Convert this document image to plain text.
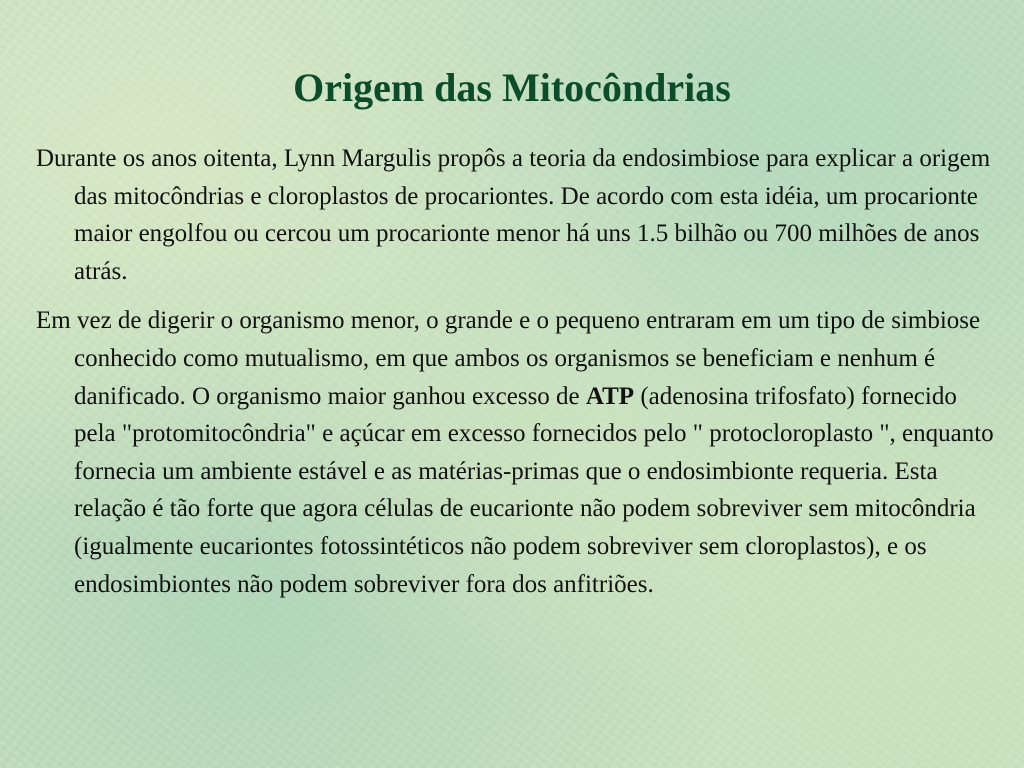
Origem das Mitocôndrias

Durante os anos oitenta, Lynn Margulis propôs a teoria da endosimbiose para explicar a origem das mitocôndrias e cloroplastos de procariontes. De acordo com esta idéia, um procarionte maior engolfou ou cercou um procarionte menor há uns 1.5 bilhão ou 700 milhões de anos atrás.

Em vez de digerir o organismo menor, o grande e o pequeno entraram em um tipo de simbiose conhecido como mutualismo, em que ambos os organismos se beneficiam e nenhum é danificado. O organismo maior ganhou excesso de ATP (adenosina trifosfato) fornecido pela "protomitocôndria" e açúcar em excesso fornecidos pelo " protocloroplasto ", enquanto fornecia um ambiente estável e as matérias-primas que o endosimbionte requeria. Esta relação é tão forte que agora células de eucarionte não podem sobreviver sem mitocôndria (igualmente eucariontes fotossintéticos não podem sobreviver sem cloroplastos), e os endosimbiontes não podem sobreviver fora dos anfitriões.
